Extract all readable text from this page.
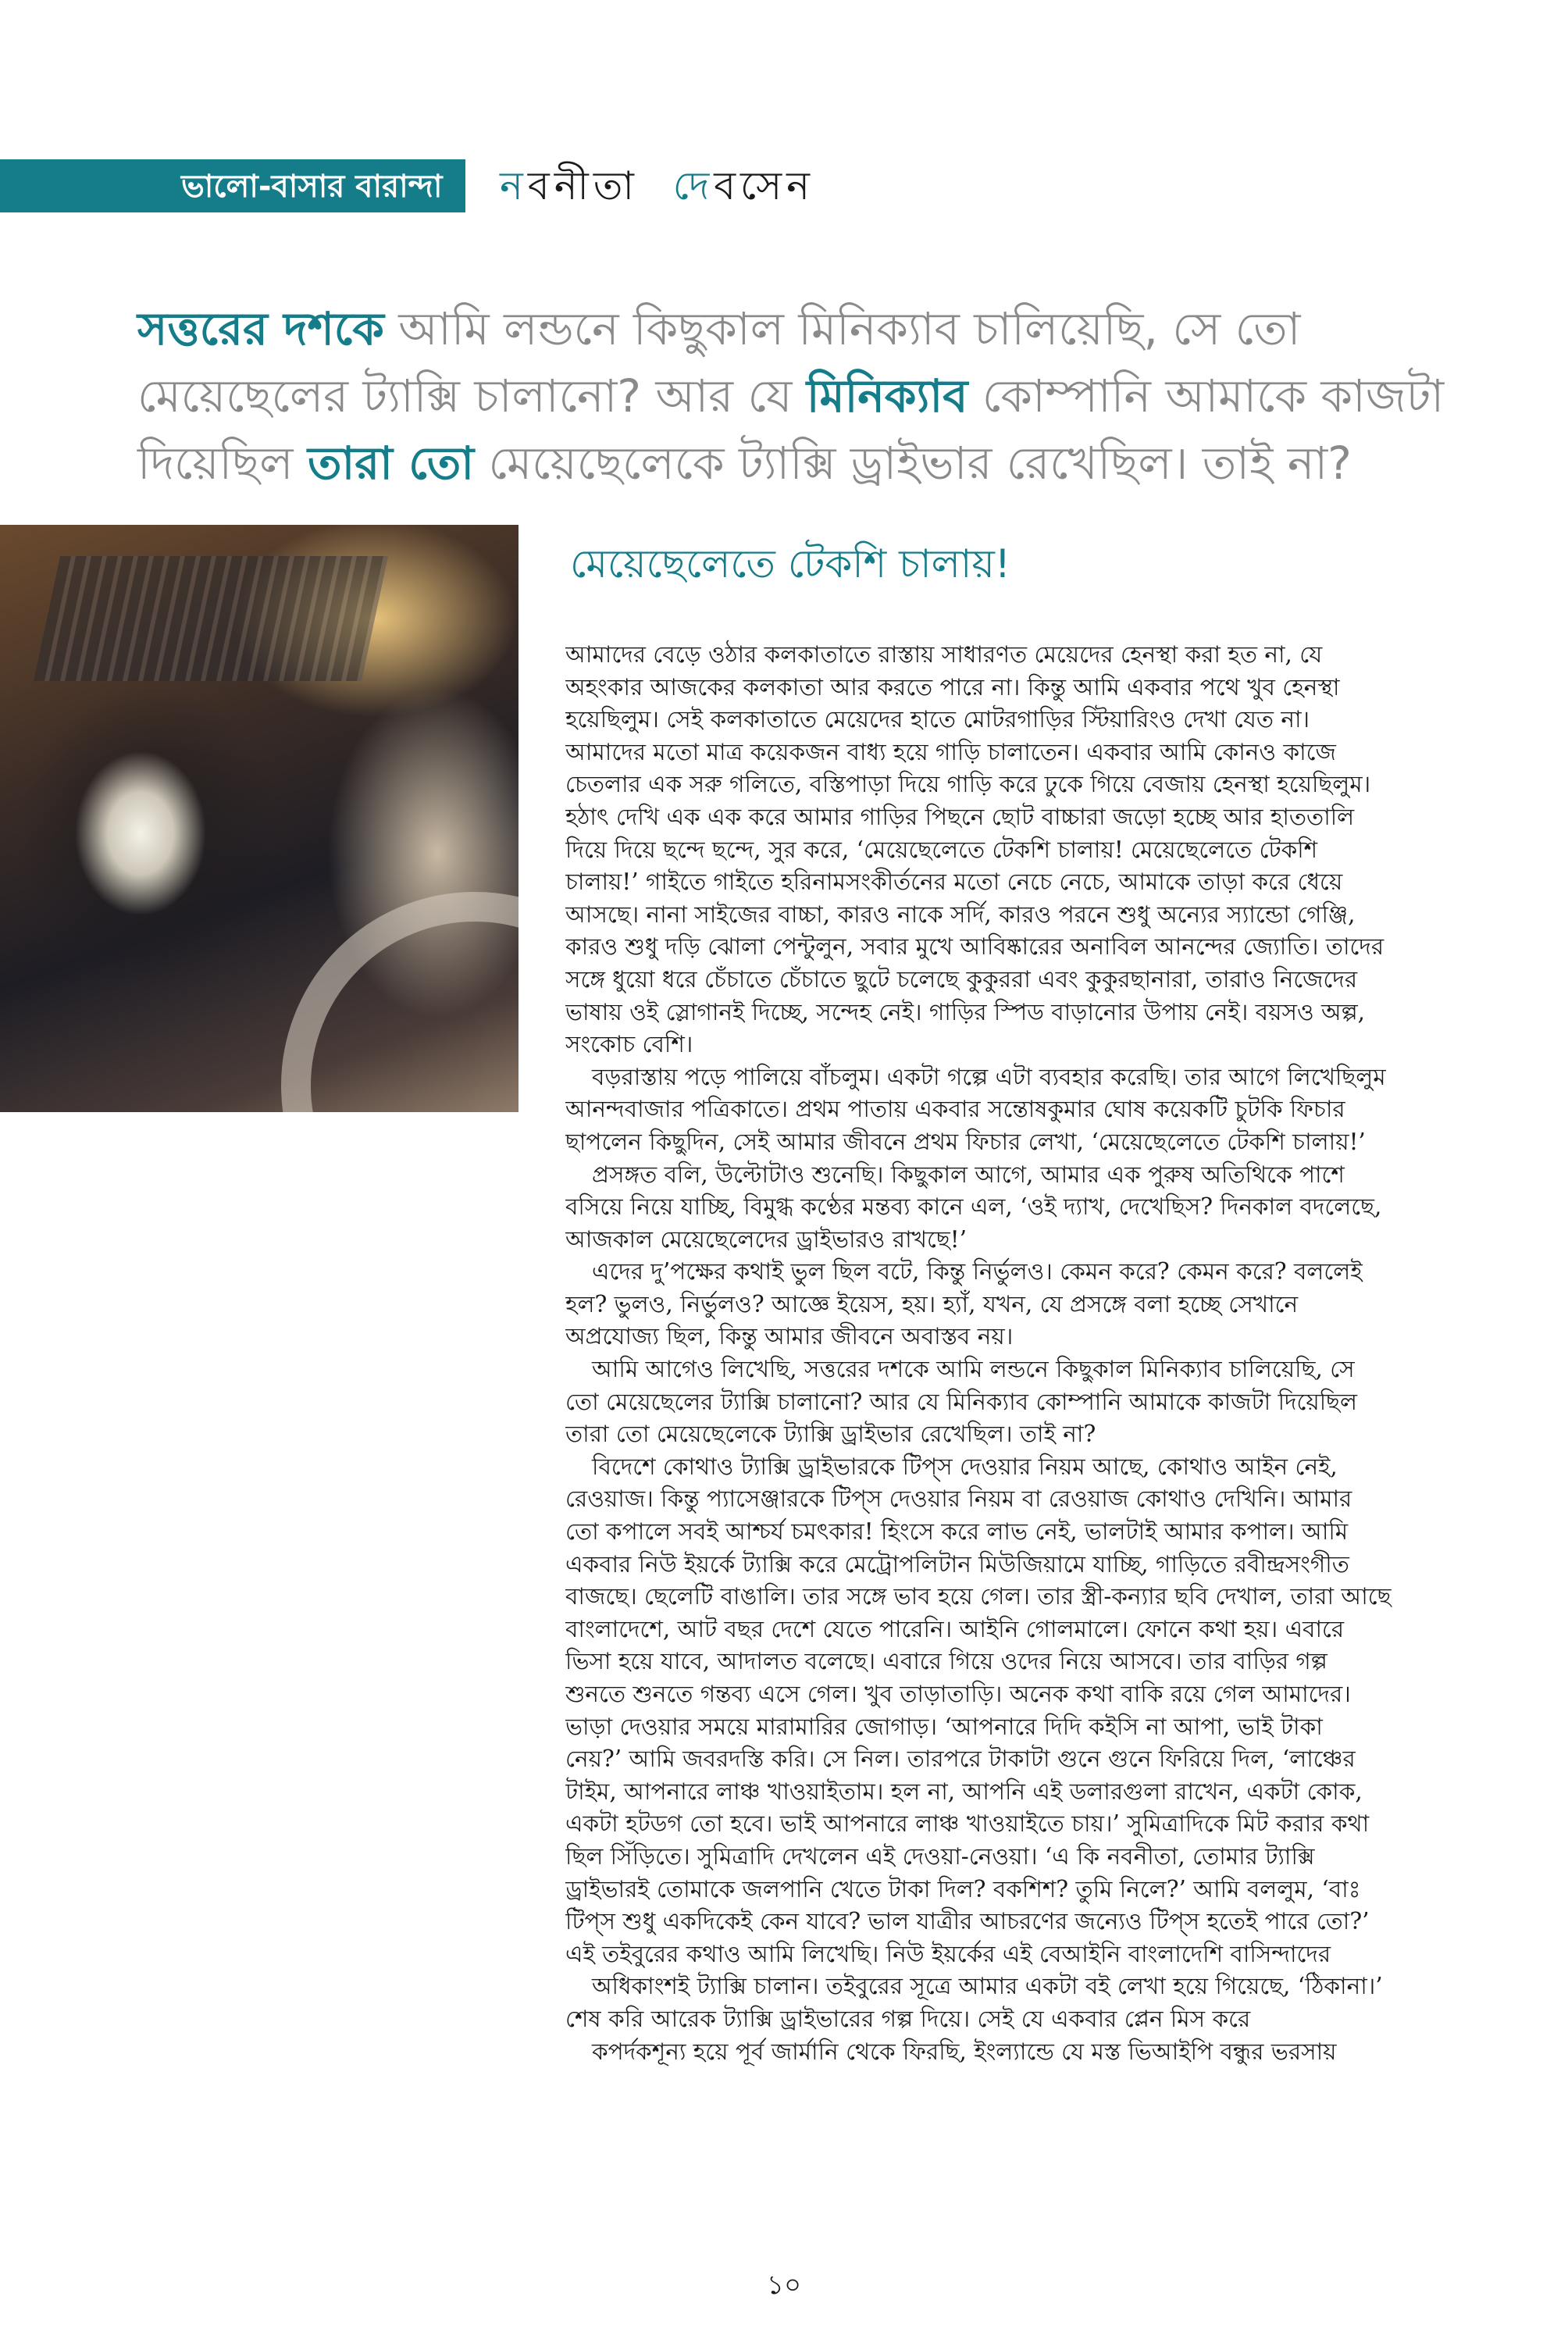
ভালো-বাসার বারান্দা	নবনীতা দেবসেন
সত্তরের দশকে আমি লন্ডনে কিছুকাল মিনিক্যাব চালিয়েছি, সে তো
মেয়েছেলের ট্যাক্সি চালানো? আর যে মিনিক্যাব কোম্পানি আমাকে কাজটা
দিয়েছিল তারা তো মেয়েছেলেকে ট্যাক্সি ড্রাইভার রেখেছিল। তাই না?
মেয়েছেলেতে টেকশি চালায়!
আমাদের বেড়ে ওঠার কলকাতাতে রাস্তায় সাধারণত মেয়েদের হেনস্থা করা হত না, যে
অহংকার আজকের কলকাতা আর করতে পারে না। কিন্তু আমি একবার পথে খুব হেনস্থা
হয়েছিলুম। সেই কলকাতাতে মেয়েদের হাতে মোটরগাড়ির স্টিয়ারিংও দেখা যেত না।
আমাদের মতো মাত্র কয়েকজন বাধ্য হয়ে গাড়ি চালাতেন। একবার আমি কোনও কাজে
চেতলার এক সরু গলিতে, বস্তিপাড়া দিয়ে গাড়ি করে ঢুকে গিয়ে বেজায় হেনস্থা হয়েছিলুম।
হঠাৎ দেখি এক এক করে আমার গাড়ির পিছনে ছোট বাচ্চারা জড়ো হচ্ছে আর হাততালি
দিয়ে দিয়ে ছন্দে ছন্দে, সুর করে, ‘মেয়েছেলেতে টেকশি চালায়! মেয়েছেলেতে টেকশি
চালায়!’ গাইতে গাইতে হরিনামসংকীর্তনের মতো নেচে নেচে, আমাকে তাড়া করে ধেয়ে
আসছে। নানা সাইজের বাচ্চা, কারও নাকে সর্দি, কারও পরনে শুধু অন্যের স্যান্ডো গেঞ্জি,
কারও শুধু দড়ি ঝোলা পেন্টুলুন, সবার মুখে আবিষ্কারের অনাবিল আনন্দের জ্যোতি। তাদের
সঙ্গে ধুয়ো ধরে চেঁচাতে চেঁচাতে ছুটে চলেছে কুকুররা এবং কুকুরছানারা, তারাও নিজেদের
ভাষায় ওই স্লোগানই দিচ্ছে, সন্দেহ নেই। গাড়ির স্পিড বাড়ানোর উপায় নেই। বয়সও অল্প,
সংকোচ বেশি।
বড়রাস্তায় পড়ে পালিয়ে বাঁচলুম। একটা গল্পে এটা ব্যবহার করেছি। তার আগে লিখেছিলুম
আনন্দবাজার পত্রিকাতে। প্রথম পাতায় একবার সন্তোষকুমার ঘোষ কয়েকটি চুটকি ফিচার
ছাপলেন কিছুদিন, সেই আমার জীবনে প্রথম ফিচার লেখা, ‘মেয়েছেলেতে টেকশি চালায়!’
প্রসঙ্গত বলি, উল্টোটাও শুনেছি। কিছুকাল আগে, আমার এক পুরুষ অতিথিকে পাশে
বসিয়ে নিয়ে যাচ্ছি, বিমুগ্ধ কণ্ঠের মন্তব্য কানে এল, ‘ওই দ্যাখ, দেখেছিস? দিনকাল বদলেছে,
আজকাল মেয়েছেলেদের ড্রাইভারও রাখছে!’
এদের দু’পক্ষের কথাই ভুল ছিল বটে, কিন্তু নির্ভুলও। কেমন করে? কেমন করে? বললেই
হল? ভুলও, নির্ভুলও? আজ্ঞে ইয়েস, হয়। হ্যাঁ, যখন, যে প্রসঙ্গে বলা হচ্ছে সেখানে
অপ্রযোজ্য ছিল, কিন্তু আমার জীবনে অবাস্তব নয়।
আমি আগেও লিখেছি, সত্তরের দশকে আমি লন্ডনে কিছুকাল মিনিক্যাব চালিয়েছি, সে
তো মেয়েছেলের ট্যাক্সি চালানো? আর যে মিনিক্যাব কোম্পানি আমাকে কাজটা দিয়েছিল
তারা তো মেয়েছেলেকে ট্যাক্সি ড্রাইভার রেখেছিল। তাই না?
বিদেশে কোথাও ট্যাক্সি ড্রাইভারকে টিপ্‌স দেওয়ার নিয়ম আছে, কোথাও আইন নেই,
রেওয়াজ। কিন্তু প্যাসেঞ্জারকে টিপ্‌স দেওয়ার নিয়ম বা রেওয়াজ কোথাও দেখিনি। আমার
তো কপালে সবই আশ্চর্য চমৎকার! হিংসে করে লাভ নেই, ভালটাই আমার কপাল। আমি
একবার নিউ ইয়র্কে ট্যাক্সি করে মেট্রোপলিটান মিউজিয়ামে যাচ্ছি, গাড়িতে রবীন্দ্রসংগীত
বাজছে। ছেলেটি বাঙালি। তার সঙ্গে ভাব হয়ে গেল। তার স্ত্রী-কন্যার ছবি দেখাল, তারা আছে
বাংলাদেশে, আট বছর দেশে যেতে পারেনি। আইনি গোলমালে। ফোনে কথা হয়। এবারে
ভিসা হয়ে যাবে, আদালত বলেছে। এবারে গিয়ে ওদের নিয়ে আসবে। তার বাড়ির গল্প
শুনতে শুনতে গন্তব্য এসে গেল। খুব তাড়াতাড়ি। অনেক কথা বাকি রয়ে গেল আমাদের।
ভাড়া দেওয়ার সময়ে মারামারির জোগাড়। ‘আপনারে দিদি কইসি না আপা, ভাই টাকা
নেয়?’ আমি জবরদস্তি করি। সে নিল। তারপরে টাকাটা গুনে গুনে ফিরিয়ে দিল, ‘লাঞ্চের
টাইম, আপনারে লাঞ্চ খাওয়াইতাম। হল না, আপনি এই ডলারগুলা রাখেন, একটা কোক,
একটা হটডগ তো হবে। ভাই আপনারে লাঞ্চ খাওয়াইতে চায়।’ সুমিত্রাদিকে মিট করার কথা
ছিল সিঁড়িতে। সুমিত্রাদি দেখলেন এই দেওয়া-নেওয়া। ‘এ কি নবনীতা, তোমার ট্যাক্সি
ড্রাইভারই তোমাকে জলপানি খেতে টাকা দিল? বকশিশ? তুমি নিলে?’ আমি বললুম, ‘বাঃ
টিপ্‌স শুধু একদিকেই কেন যাবে? ভাল যাত্রীর আচরণের জন্যেও টিপ্‌স হতেই পারে তো?’
এই তইবুরের কথাও আমি লিখেছি। নিউ ইয়র্কের এই বেআইনি বাংলাদেশি বাসিন্দাদের
অধিকাংশই ট্যাক্সি চালান। তইবুরের সূত্রে আমার একটা বই লেখা হয়ে গিয়েছে, ‘ঠিকানা।’
শেষ করি আরেক ট্যাক্সি ড্রাইভারের গল্প দিয়ে। সেই যে একবার প্লেন মিস করে
কপর্দকশূন্য হয়ে পূর্ব জার্মানি থেকে ফিরছি, ইংল্যান্ডে যে মস্ত ভিআইপি বন্ধুর ভরসায়
১০
